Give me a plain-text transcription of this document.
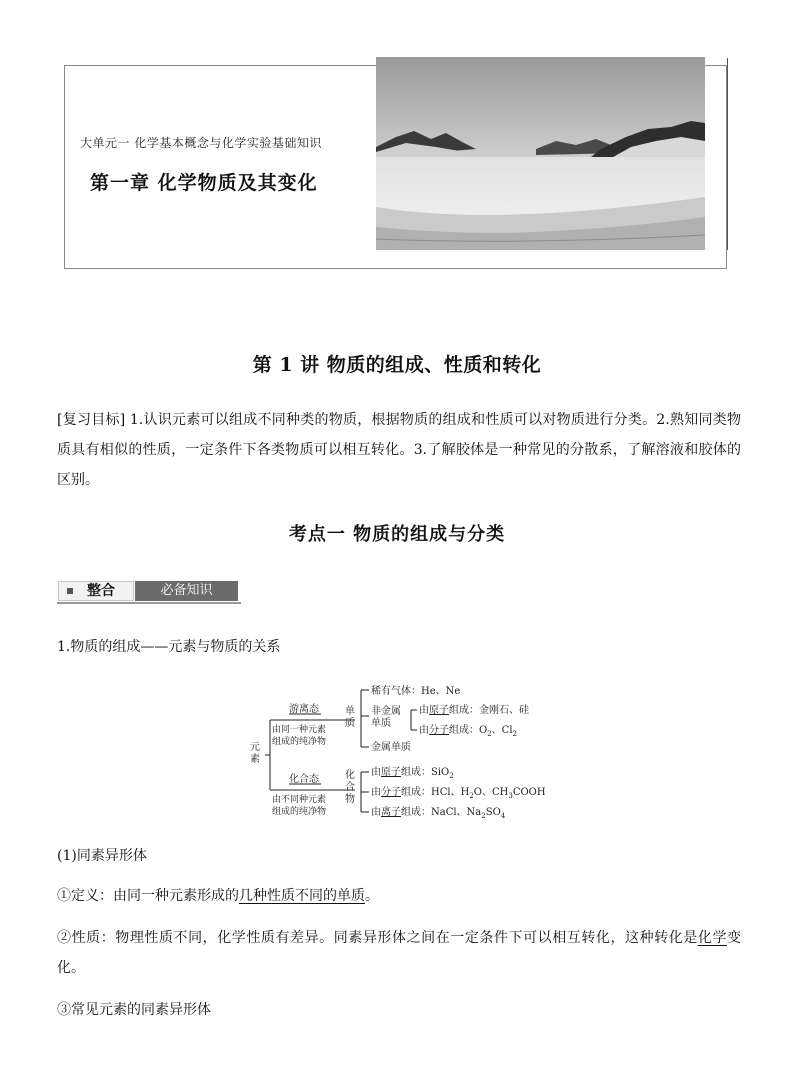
大单元一 化学基本概念与化学实验基础知识
第一章 化学物质及其变化
第 1 讲 物质的组成、性质和转化
[复习目标] 1.认识元素可以组成不同种类的物质，根据物质的组成和性质可以对物质进行分类。2.熟知同类物质具有相似的性质，一定条件下各类物质可以相互转化。3.了解胶体是一种常见的分散系，了解溶液和胶体的区别。
考点一 物质的组成与分类
整合	必备知识
1.物质的组成——元素与物质的关系
元
素
游离态
由同一种元素
组成的纯净物
化合态
由不同种元素
组成的纯净物
单
质
化
合
物
稀有气体：He、Ne
非金属
单质
由原子组成：金刚石、硅
由分子组成：$O_2$、$Cl_2$
金属单质
由原子组成：SiO$_2$
由分子组成：HCl、$H_2O$、$CH_3COOH$
由离子组成：NaCl、$Na_2SO_4$
(1)同素异形体
①定义：由同一种元素形成的几种性质不同的单质。
②性质：物理性质不同，化学性质有差异。同素异形体之间在一定条件下可以相互转化，这种转化是化学变化。
③常见元素的同素异形体
